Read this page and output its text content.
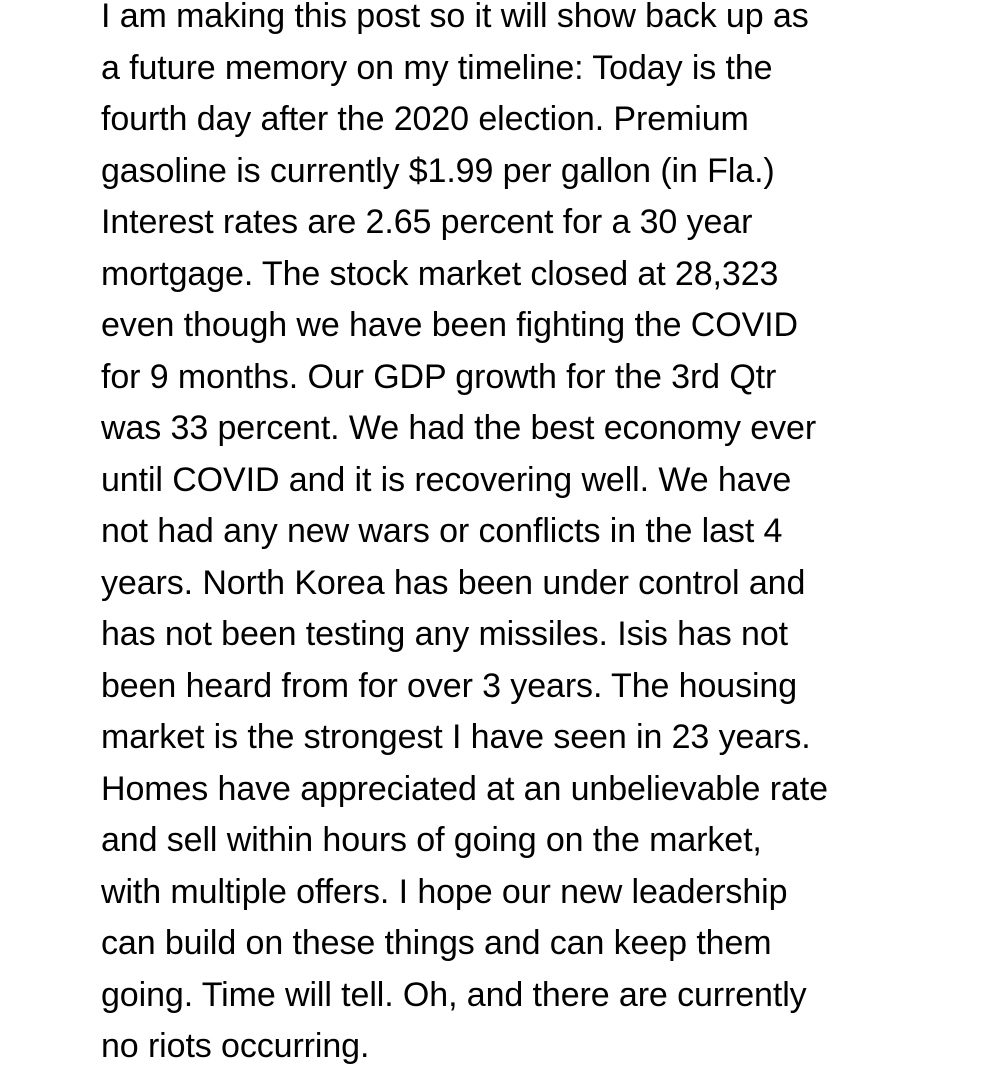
I am making this post so it will show back up as
a future memory on my timeline: Today is the
fourth day after the 2020 election. Premium
gasoline is currently $1.99 per gallon (in Fla.)
Interest rates are 2.65 percent for a 30 year
mortgage. The stock market closed at 28,323
even though we have been fighting the COVID
for 9 months. Our GDP growth for the 3rd Qtr
was 33 percent. We had the best economy ever
until COVID and it is recovering well. We have
not had any new wars or conflicts in the last 4
years. North Korea has been under control and
has not been testing any missiles. Isis has not
been heard from for over 3 years. The housing
market is the strongest I have seen in 23 years.
Homes have appreciated at an unbelievable rate
and sell within hours of going on the market,
with multiple offers. I hope our new leadership
can build on these things and can keep them
going. Time will tell. Oh, and there are currently
no riots occurring.
